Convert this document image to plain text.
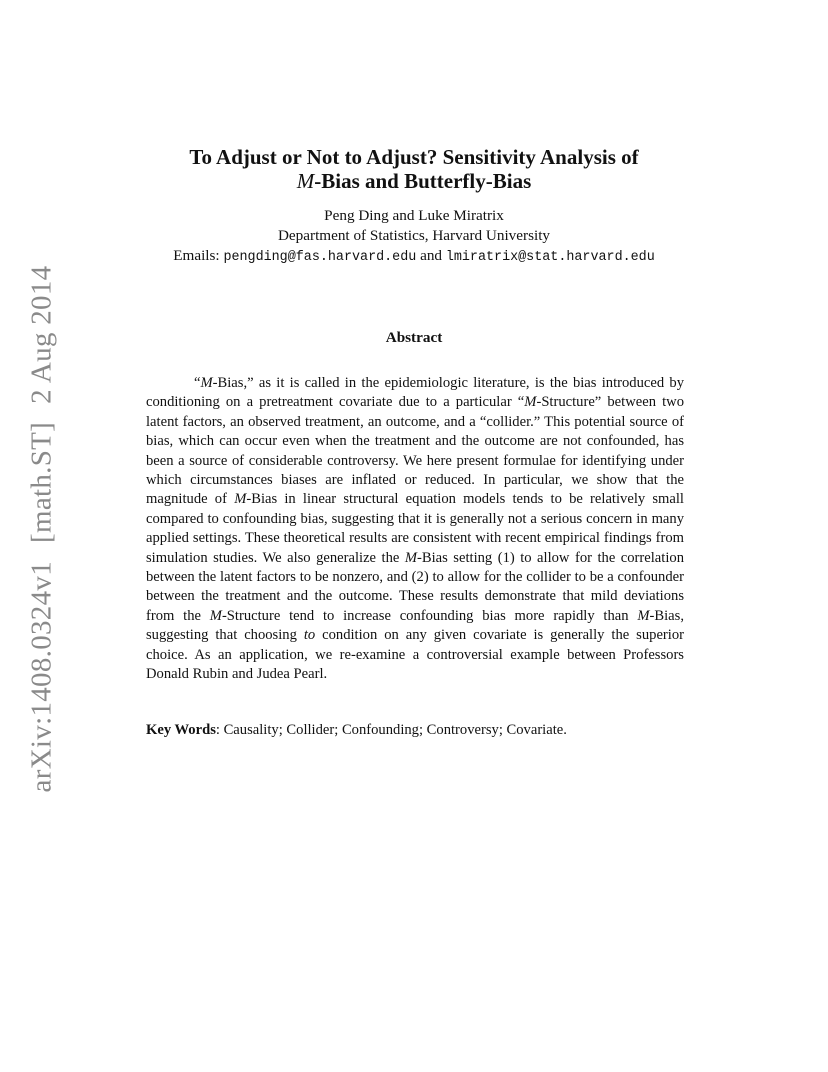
arXiv:1408.0324v1[math.ST]2 Aug 2014
To Adjust or Not to Adjust? Sensitivity Analysis of
M-Bias and Butterfly-Bias
Peng Ding and Luke Miratrix
Department of Statistics, Harvard University
Emails: pengding@fas.harvard.edu and lmiratrix@stat.harvard.edu
Abstract

“M-Bias,” as it is called in the epidemiologic literature, is the bias introduced by conditioning on a pretreatment covariate due to a particular “M-Structure” between two latent factors, an observed treatment, an outcome, and a “collider.” This potential source of bias, which can occur even when the treatment and the outcome are not confounded, has been a source of considerable controversy. We here present formulae for identifying under which circumstances biases are inflated or reduced. In particular, we show that the magnitude of M-Bias in linear structural equation models tends to be relatively small compared to confounding bias, suggesting that it is generally not a serious concern in many applied settings. These theoretical results are consistent with recent empirical findings from simulation studies. We also generalize the M-Bias setting (1) to allow for the correlation between the latent factors to be nonzero, and (2) to allow for the collider to be a confounder between the treatment and the outcome. These results demonstrate that mild deviations from the M-Structure tend to increase confounding bias more rapidly than M-Bias, suggesting that choosing to condition on any given covariate is generally the superior choice. As an application, we re-examine a controversial example between Professors Donald Rubin and Judea Pearl.

Key Words: Causality; Collider; Confounding; Controversy; Covariate.
